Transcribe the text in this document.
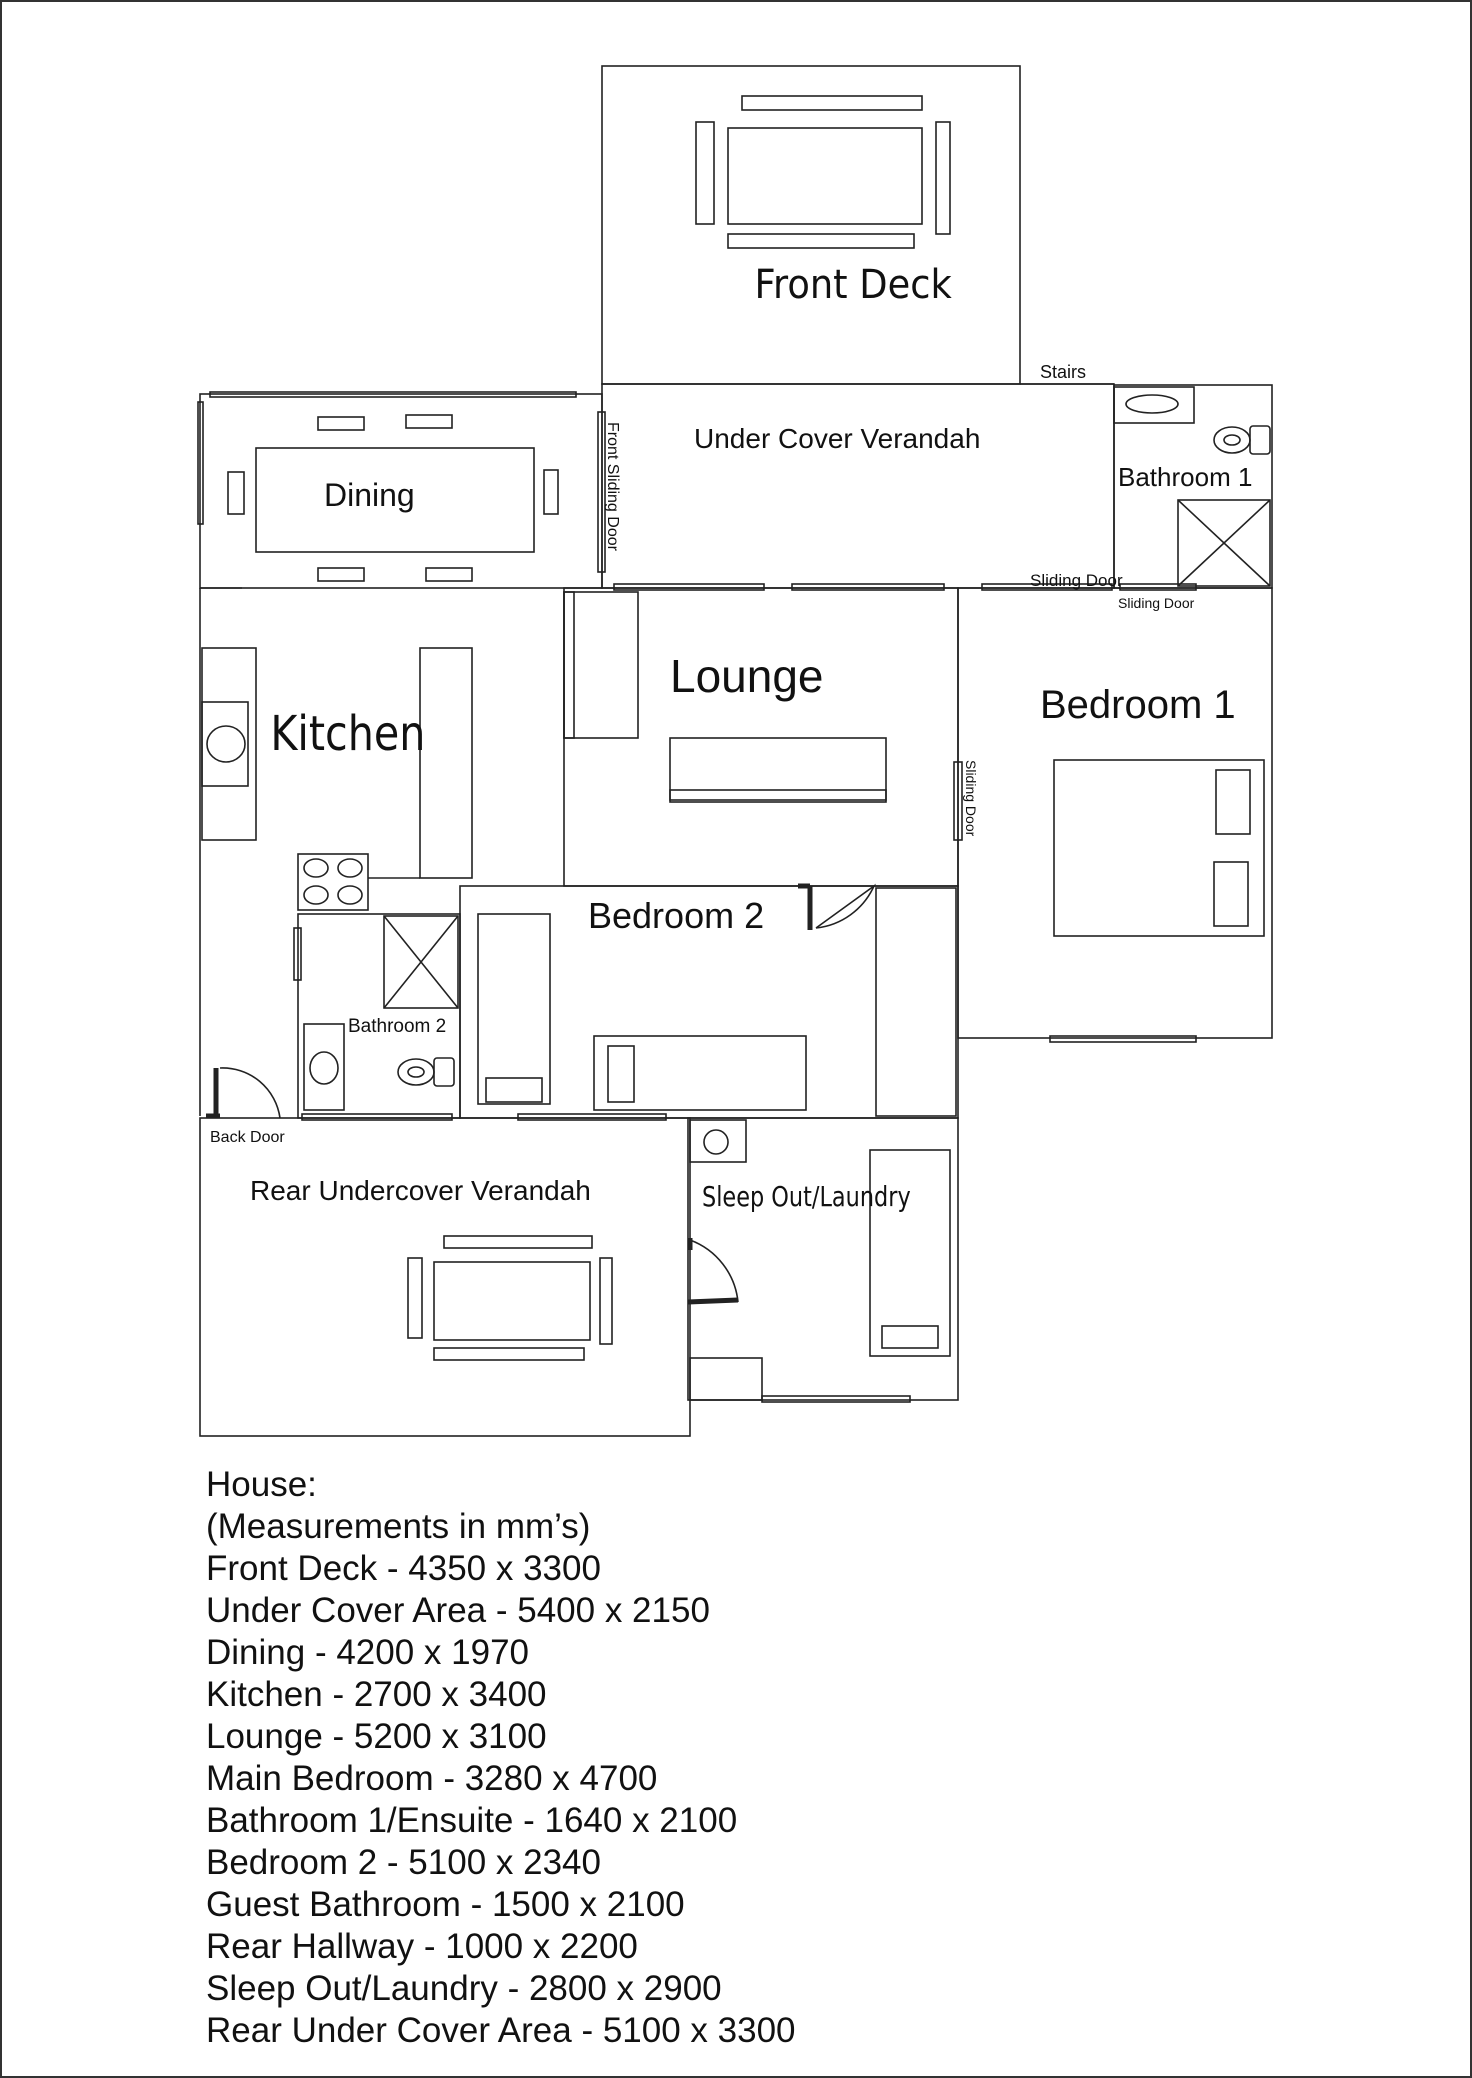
Front Deck
Under Cover Verandah
Stairs
Bathroom 1
Dining	Front Sliding Door
Kitchen
Lounge
Sliding Door
Sliding Door
Bedroom 1
Sliding Door
Bedroom 2
Bathroom 2
Back Door
Rear Undercover Verandah	Sleep Out/Laundry
House:
(Measurements in mm’s)
Front Deck - 4350 x 3300
Under Cover Area - 5400 x 2150
Dining - 4200 x 1970
Kitchen - 2700 x 3400
Lounge - 5200 x 3100
Main Bedroom - 3280 x 4700
Bathroom 1/Ensuite - 1640 x 2100
Bedroom 2 - 5100 x 2340
Guest Bathroom - 1500 x 2100
Rear Hallway - 1000 x 2200
Sleep Out/Laundry - 2800 x 2900
Rear Under Cover Area - 5100 x 3300
